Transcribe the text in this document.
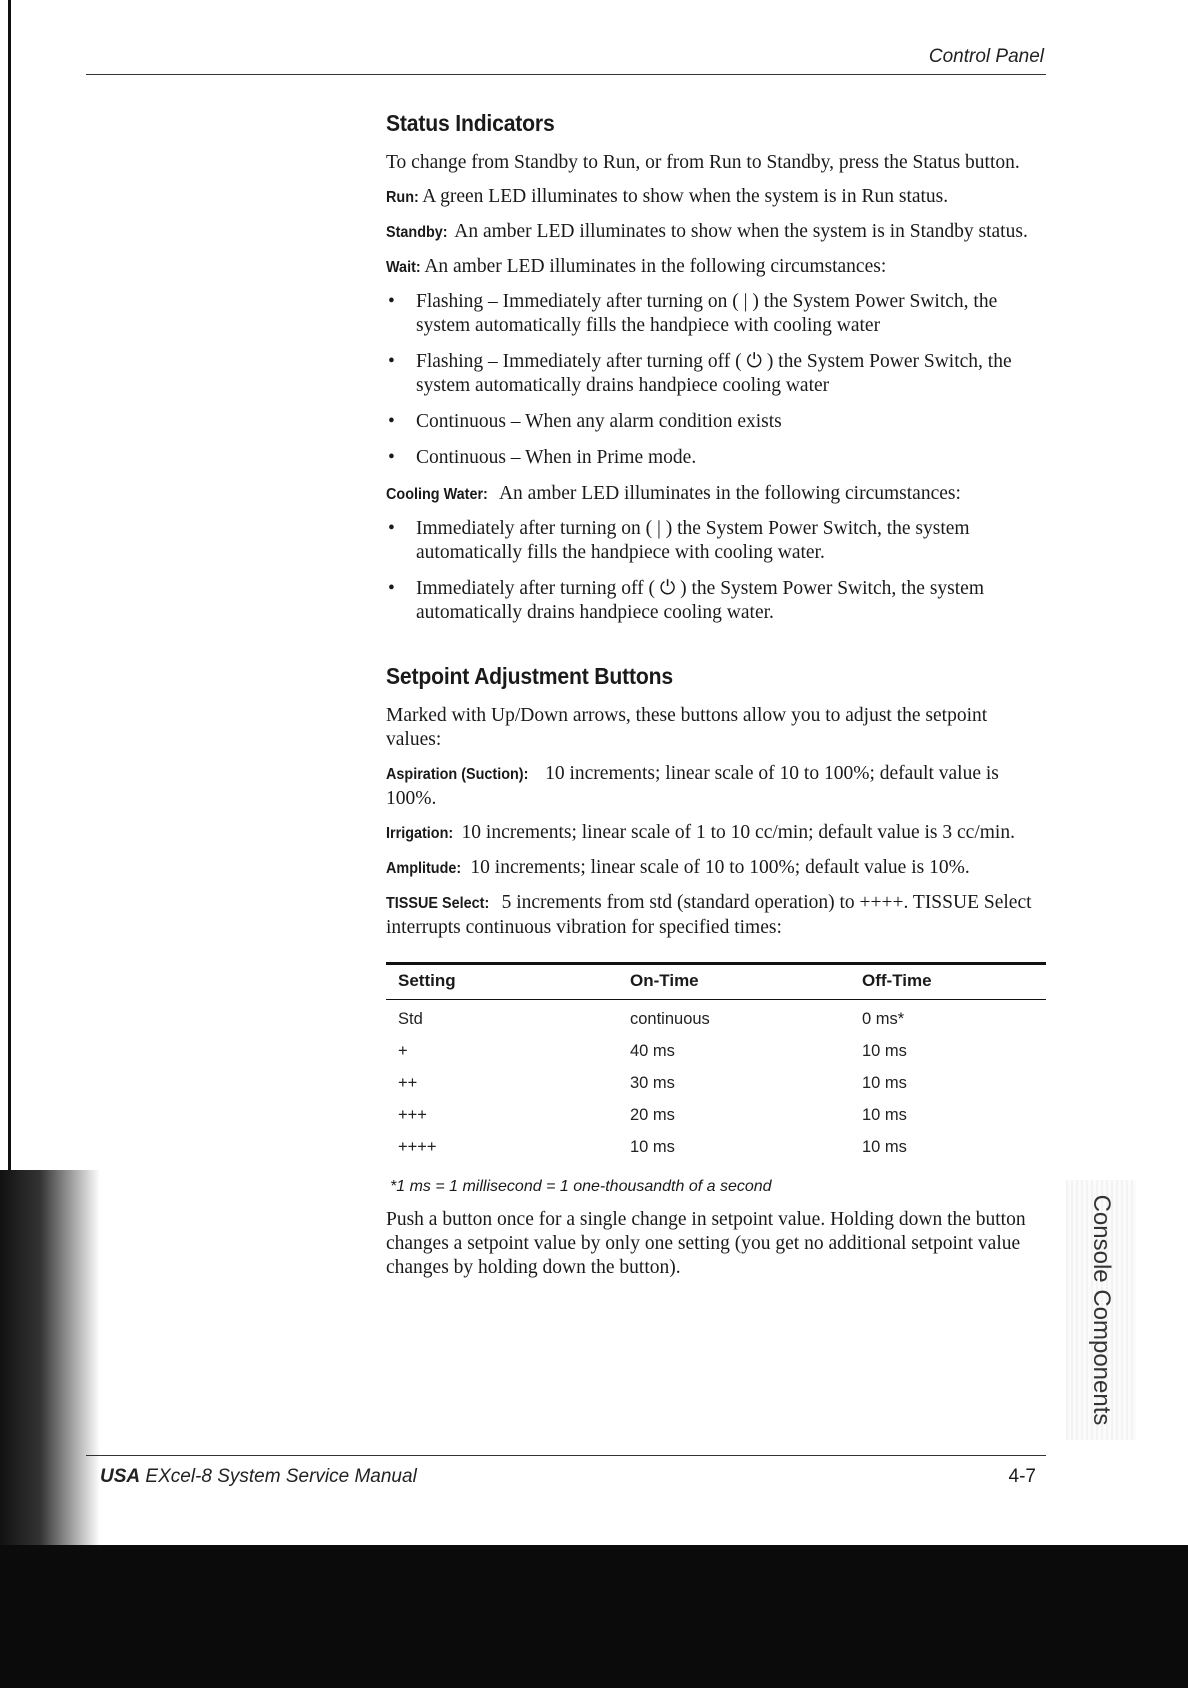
Control Panel
Status Indicators

To change from Standby to Run, or from Run to Standby, press the Status button.

Run: A green LED illuminates to show when the system is in Run status.

Standby: An amber LED illuminates to show when the system is in Standby status.

Wait: An amber LED illuminates in the following circumstances:

• Flashing – Immediately after turning on ( | ) the System Power Switch, the system automatically fills the handpiece with cooling water
• Flashing – Immediately after turning off ( ⏻ ) the System Power Switch, the system automatically drains handpiece cooling water
• Continuous – When any alarm condition exists
• Continuous – When in Prime mode.

Cooling Water: An amber LED illuminates in the following circumstances:

• Immediately after turning on ( | ) the System Power Switch, the system automatically fills the handpiece with cooling water.
• Immediately after turning off ( ⏻ ) the System Power Switch, the system automatically drains handpiece cooling water.
Setpoint Adjustment Buttons

Marked with Up/Down arrows, these buttons allow you to adjust the setpoint values:

Aspiration (Suction): 10 increments; linear scale of 10 to 100%; default value is 100%.

Irrigation: 10 increments; linear scale of 1 to 10 cc/min; default value is 3 cc/min.

Amplitude: 10 increments; linear scale of 10 to 100%; default value is 10%.

TISSUE Select: 5 increments from std (standard operation) to ++++. TISSUE Select interrupts continuous vibration for specified times:

Setting	On-Time	Off-Time
Std	continuous	0 ms*
+	40 ms	10 ms
++	30 ms	10 ms
+++	20 ms	10 ms
++++	10 ms	10 ms
*1 ms = 1 millisecond = 1 one-thousandth of a second

Push a button once for a single change in setpoint value. Holding down the button changes a setpoint value by only one setting (you get no additional setpoint value changes by holding down the button).	Console Components
USA EXcel-8 System Service Manual	4-7
